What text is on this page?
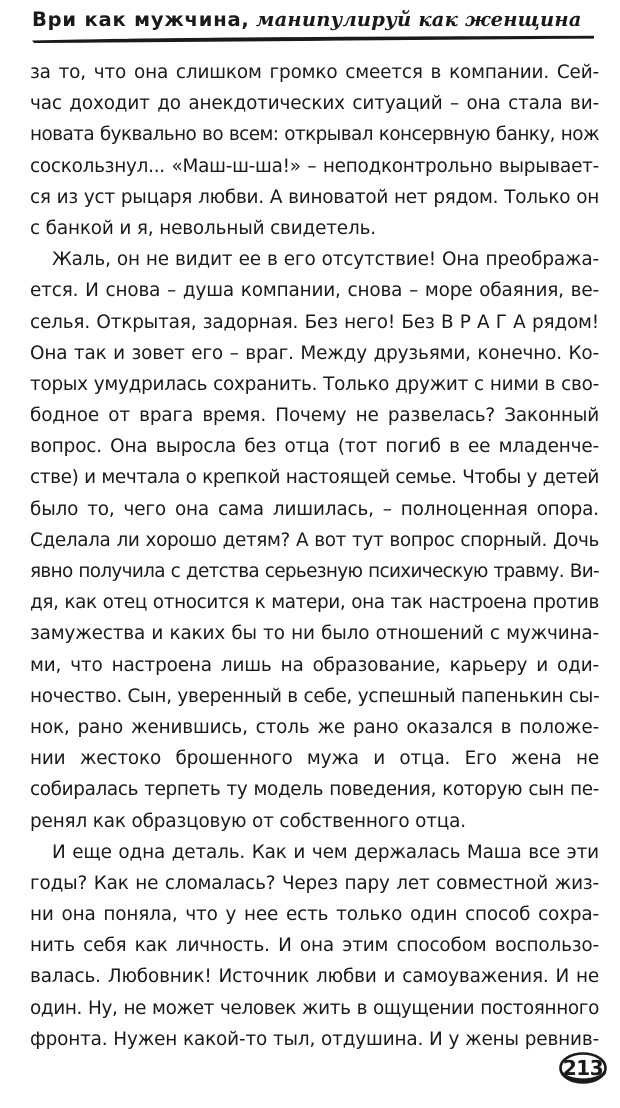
Ври как мужчина, манипулируй как женщина
за то, что она слишком громко смеется в компании. Сей-
час доходит до анекдотических ситуаций – она стала ви-
новата буквально во всем: открывал консервную банку, нож
соскользнул... «Маш-ш-ша!» – неподконтрольно вырывает-
ся из уст рыцаря любви. А виноватой нет рядом. Только он
с банкой и я, невольный свидетель.
Жаль, он не видит ее в его отсутствие! Она преобража-
ется. И снова – душа компании, снова – море обаяния, ве-
селья. Открытая, задорная. Без него! Без В Р А Г А рядом!
Она так и зовет его – враг. Между друзьями, конечно. Ко-
торых умудрилась сохранить. Только дружит с ними в сво-
бодное от врага время. Почему не развелась? Законный
вопрос. Она выросла без отца (тот погиб в ее младенче-
стве) и мечтала о крепкой настоящей семье. Чтобы у детей
было то, чего она сама лишилась, – полноценная опора.
Сделала ли хорошо детям? А вот тут вопрос спорный. Дочь
явно получила с детства серьезную психическую травму. Ви-
дя, как отец относится к матери, она так настроена против
замужества и каких бы то ни было отношений с мужчина-
ми, что настроена лишь на образование, карьеру и оди-
ночество. Сын, уверенный в себе, успешный папенькин сы-
нок, рано женившись, столь же рано оказался в положе-
нии жестоко брошенного мужа и отца. Его жена не
собиралась терпеть ту модель поведения, которую сын пе-
ренял как образцовую от собственного отца.
И еще одна деталь. Как и чем держалась Маша все эти
годы? Как не сломалась? Через пару лет совместной жиз-
ни она поняла, что у нее есть только один способ сохра-
нить себя как личность. И она этим способом воспользо-
валась. Любовник! Источник любви и самоуважения. И не
один. Ну, не может человек жить в ощущении постоянного
фронта. Нужен какой-то тыл, отдушина. И у жены ревнив-
213
